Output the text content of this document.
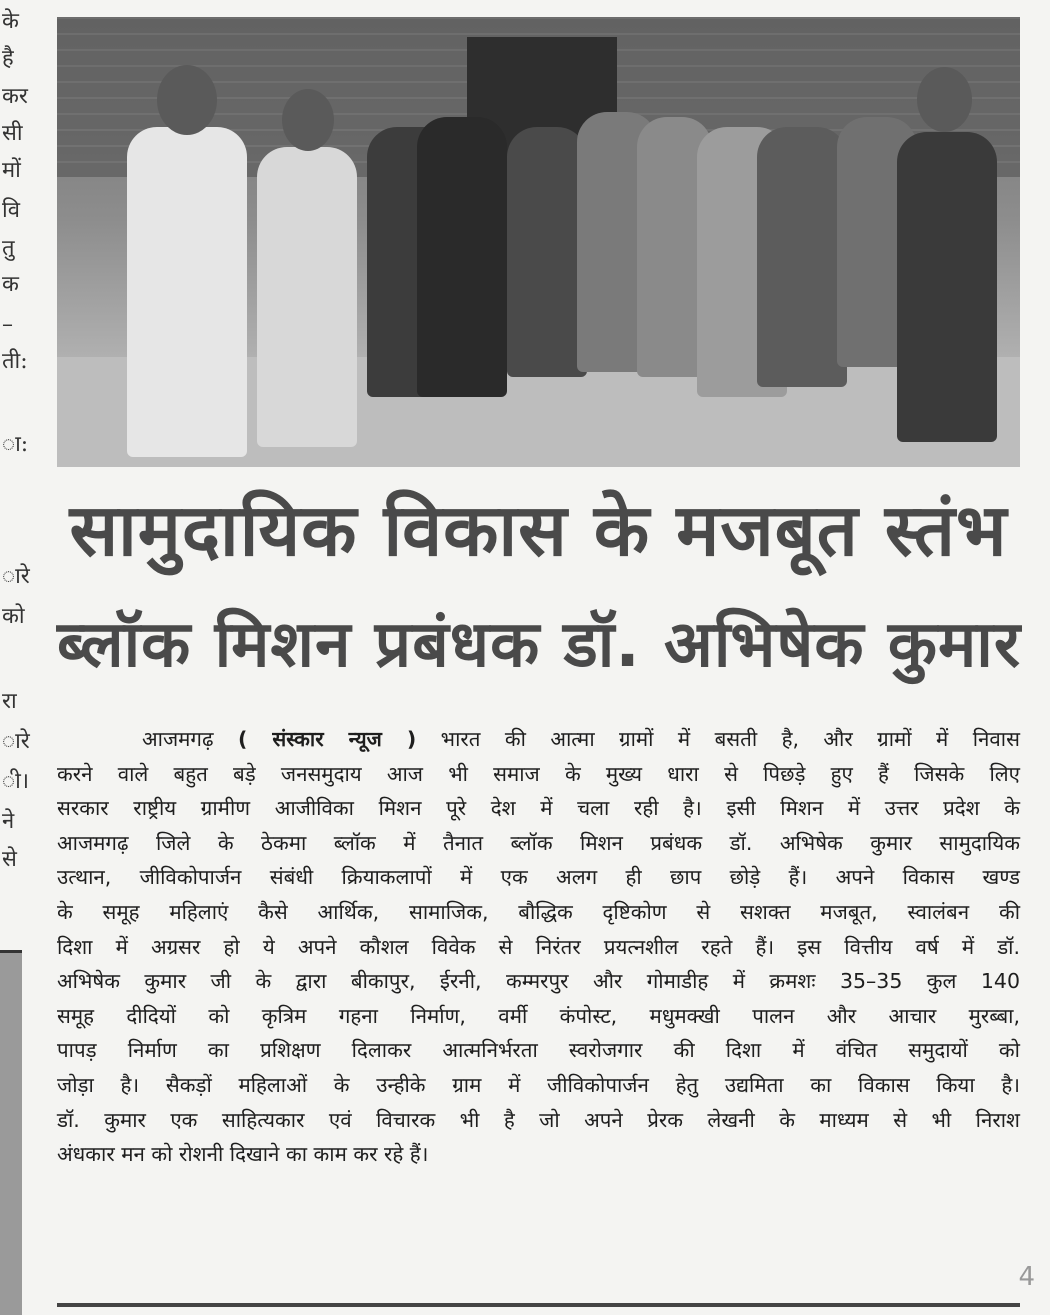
के
है
कर
सी
मों
वि
तु
क
–
ती:
ा:
ारे
को
रा
ारे
ी।
ने
से
सामुदायिक विकास के मजबूत स्तंभ
ब्लॉक मिशन प्रबंधक डॉ. अभिषेक कुमार
आजमगढ़ ( संस्कार न्यूज ) भारत की आत्मा ग्रामों में बसती है, और ग्रामों में निवास
करने वाले बहुत बड़े जनसमुदाय आज भी समाज के मुख्य धारा से पिछड़े हुए हैं जिसके लिए
सरकार राष्ट्रीय ग्रामीण आजीविका मिशन पूरे देश में चला रही है। इसी मिशन में उत्तर प्रदेश के
आजमगढ़ जिले के ठेकमा ब्लॉक में तैनात ब्लॉक मिशन प्रबंधक डॉ. अभिषेक कुमार सामुदायिक
उत्थान, जीविकोपार्जन संबंधी क्रियाकलापों में एक अलग ही छाप छोड़े हैं। अपने विकास खण्ड
के समूह महिलाएं कैसे आर्थिक, सामाजिक, बौद्धिक दृष्टिकोण से सशक्त मजबूत, स्वालंबन की
दिशा में अग्रसर हो ये अपने कौशल विवेक से निरंतर प्रयत्नशील रहते हैं। इस वित्तीय वर्ष में डॉ.
अभिषेक कुमार जी के द्वारा बीकापुर, ईरनी, कम्मरपुर और गोमाडीह में क्रमशः 35–35 कुल 140
समूह दीदियों को कृत्रिम गहना निर्माण, वर्मी कंपोस्ट, मधुमक्खी पालन और आचार मुरब्बा,
पापड़ निर्माण का प्रशिक्षण दिलाकर आत्मनिर्भरता स्वरोजगार की दिशा में वंचित समुदायों को
जोड़ा है। सैकड़ों महिलाओं के उन्हीके ग्राम में जीविकोपार्जन हेतु उद्यमिता का विकास किया है।
डॉ. कुमार एक साहित्यकार एवं विचारक भी है जो अपने प्रेरक लेखनी के माध्यम से भी निराश
अंधकार मन को रोशनी दिखाने का काम कर रहे हैं।
4
